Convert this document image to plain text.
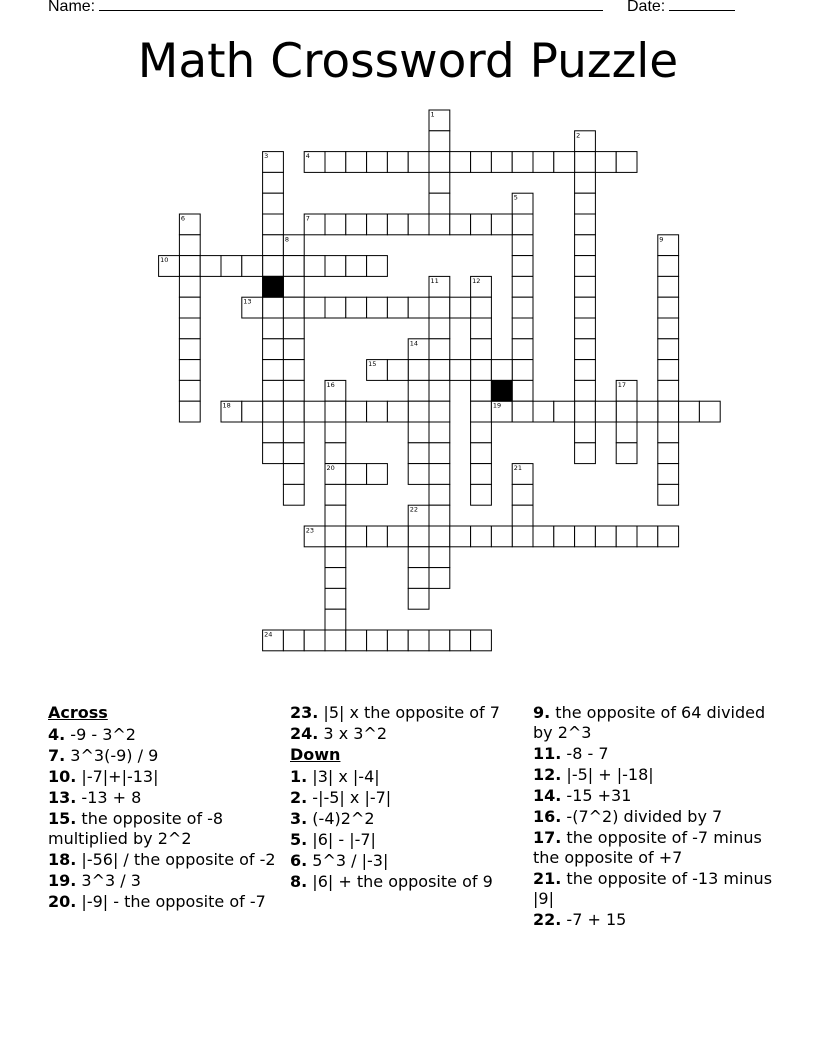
Name:	Date:
Math Crossword Puzzle
1
2
3	4
5
6	7
8	9
10
11	12
13
14
15
16	17
18	19
20	21
22
23
24
Across
4. -9 - 3^2
7. 3^3(-9) / 9
10. |-7|+|-13|
13. -13 + 8
15. the opposite of -8 multiplied by 2^2
18. |-56| / the opposite of -2
19. 3^3 / 3
20. |-9| - the opposite of -7
23. |5| x the opposite of 7
24. 3 x 3^2
Down
1. |3| x |-4|
2. -|-5| x |-7|
3. (-4)2^2
5. |6| - |-7|
6. 5^3 / |-3|
8. |6| + the opposite of 9
9. the opposite of 64 divided by 2^3
11. -8 - 7
12. |-5| + |-18|
14. -15 +31
16. -(7^2) divided by 7
17. the opposite of -7 minus the opposite of +7
21. the opposite of -13 minus |9|
22. -7 + 15
